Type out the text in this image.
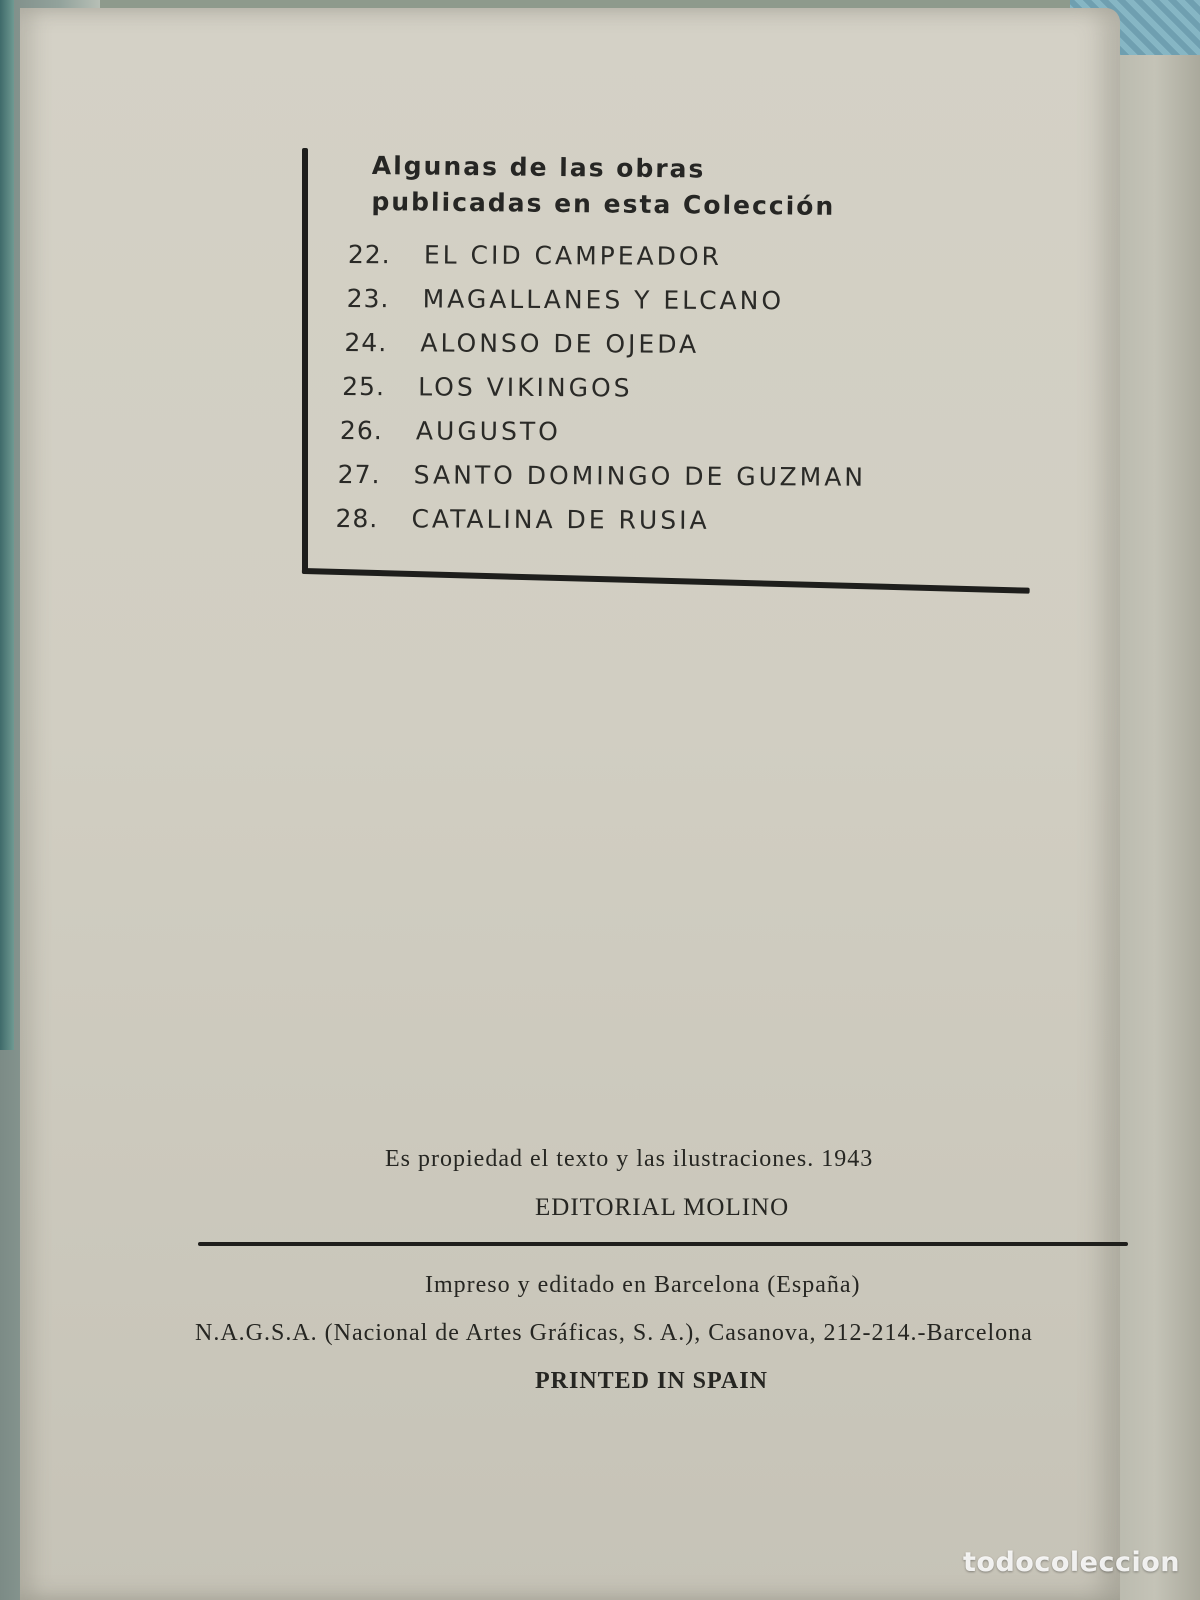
Algunas de las obras
publicadas en esta Colección
22.	EL CID CAMPEADOR
23.	MAGALLANES Y ELCANO
24.	ALONSO DE OJEDA
25.	LOS VIKINGOS
26.	AUGUSTO
27.	SANTO DOMINGO DE GUZMAN
28.	CATALINA DE RUSIA

Es propiedad el texto y las ilustraciones. 1943

EDITORIAL MOLINO

Impreso y editado en Barcelona (España)

N.A.G.S.A. (Nacional de Artes Gráficas, S. A.), Casanova, 212-214.-Barcelona

PRINTED IN SPAIN

todocoleccion
